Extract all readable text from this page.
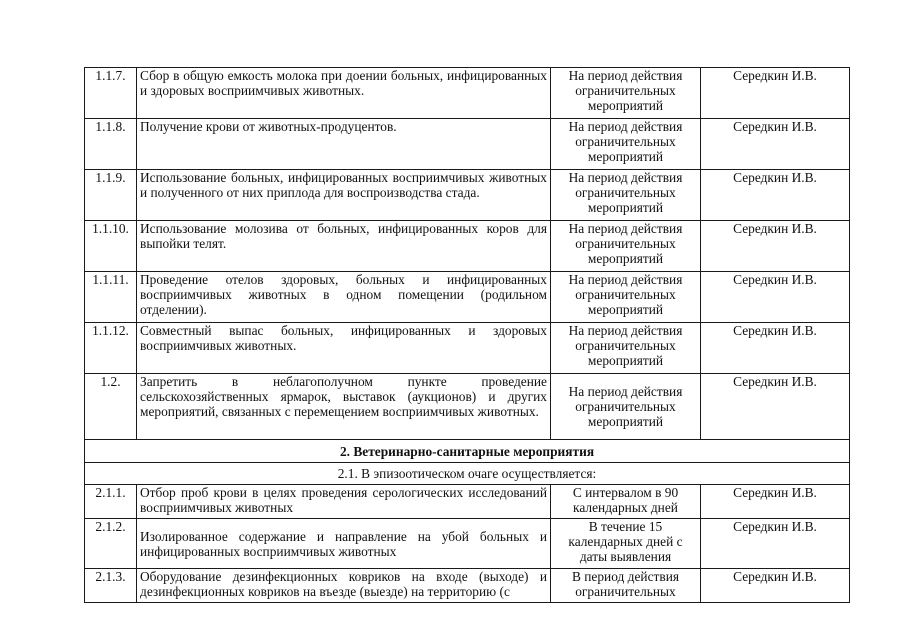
1.1.7.	Сбор в общую емкость молока при доении больных, инфицированных и здоровых восприимчивых животных.	На период действия ограничительных мероприятий	Середкин И.В.
1.1.8.	Получение крови от животных-продуцентов.	На период действия ограничительных мероприятий	Середкин И.В.
1.1.9.	Использование больных, инфицированных восприимчивых животных и полученного от них приплода для воспроизводства стада.	На период действия ограничительных мероприятий	Середкин И.В.
1.1.10.	Использование молозива от больных, инфицированных коров для выпойки телят.	На период действия ограничительных мероприятий	Середкин И.В.
1.1.11.	Проведение отелов здоровых, больных и инфицированных восприимчивых животных в одном помещении (родильном отделении).	На период действия ограничительных мероприятий	Середкин И.В.
1.1.12.	Совместный выпас больных, инфицированных и здоровых восприимчивых животных.	На период действия ограничительных мероприятий	Середкин И.В.
1.2.	Запретить в неблагополучном пункте проведение сельскохозяйственных ярмарок, выставок (аукционов) и других мероприятий, связанных с перемещением восприимчивых животных.	На период действия ограничительных мероприятий	Середкин И.В.
2. Ветеринарно-санитарные мероприятия			
2.1. В эпизоотическом очаге осуществляется:			
2.1.1.	Отбор проб крови в целях проведения серологических исследований восприимчивых животных	С интервалом в 90 календарных дней	Середкин И.В.
2.1.2.	Изолированное содержание и направление на убой больных и инфицированных восприимчивых животных	В течение 15 календарных дней с даты выявления	Середкин И.В.
2.1.3.	Оборудование дезинфекционных ковриков на входе (выходе) и дезинфекционных ковриков на въезде (выезде) на территорию (с	В период действия ограничительных	Середкин И.В.
